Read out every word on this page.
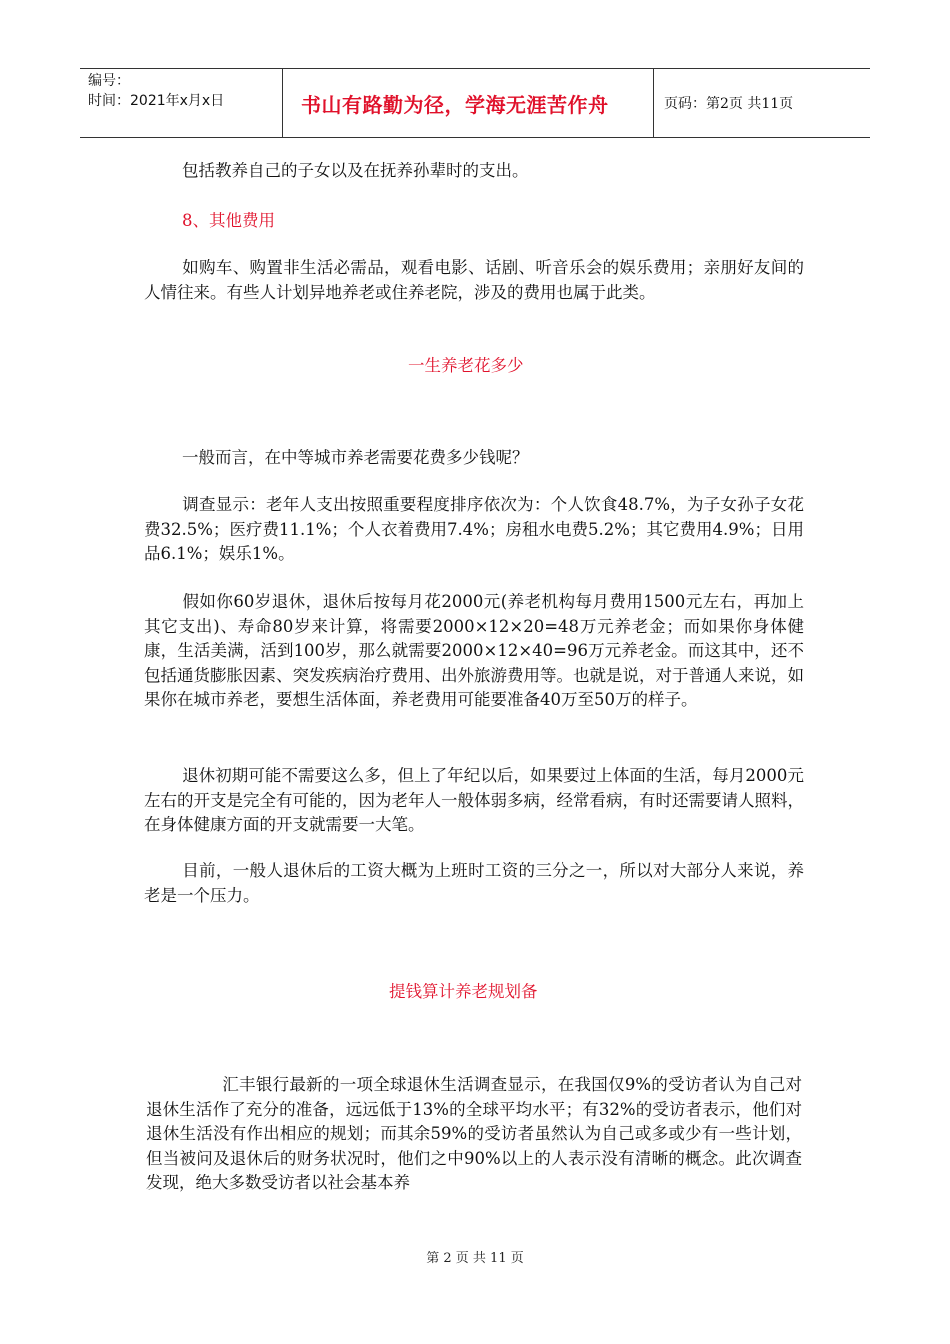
编号：
时间：2021年x月x日	书山有路勤为径，学海无涯苦作舟	页码：第2页 共11页

包括教养自己的子女以及在抚养孙辈时的支出。

8、其他费用

如购车、购置非生活必需品，观看电影、话剧、听音乐会的娱乐费用；亲朋好友间的人情往来。有些人计划异地养老或住养老院，涉及的费用也属于此类。

一生养老花多少

一般而言，在中等城市养老需要花费多少钱呢？

调查显示：老年人支出按照重要程度排序依次为：个人饮食48.7%，为子女孙子女花费32.5%；医疗费11.1%；个人衣着费用7.4%；房租水电费5.2%；其它费用4.9%；日用品6.1%；娱乐1%。

假如你60岁退休，退休后按每月花2000元(养老机构每月费用1500元左右，再加上其它支出)、寿命80岁来计算，将需要2000×12×20=48万元养老金；而如果你身体健康，生活美满，活到100岁，那么就需要2000×12×40=96万元养老金。而这其中，还不包括通货膨胀因素、突发疾病治疗费用、出外旅游费用等。也就是说，对于普通人来说，如果你在城市养老，要想生活体面，养老费用可能要准备40万至50万的样子。

退休初期可能不需要这么多，但上了年纪以后，如果要过上体面的生活，每月2000元左右的开支是完全有可能的，因为老年人一般体弱多病，经常看病，有时还需要请人照料，在身体健康方面的开支就需要一大笔。

目前，一般人退休后的工资大概为上班时工资的三分之一，所以对大部分人来说，养老是一个压力。

提钱算计养老规划备

汇丰银行最新的一项全球退休生活调查显示，在我国仅9%的受访者认为自己对退休生活作了充分的准备，远远低于13%的全球平均水平；有32%的受访者表示，他们对退休生活没有作出相应的规划；而其余59%的受访者虽然认为自己或多或少有一些计划，但当被问及退休后的财务状况时，他们之中90%以上的人表示没有清晰的概念。此次调查发现，绝大多数受访者以社会基本养

第 2 页 共 11 页
